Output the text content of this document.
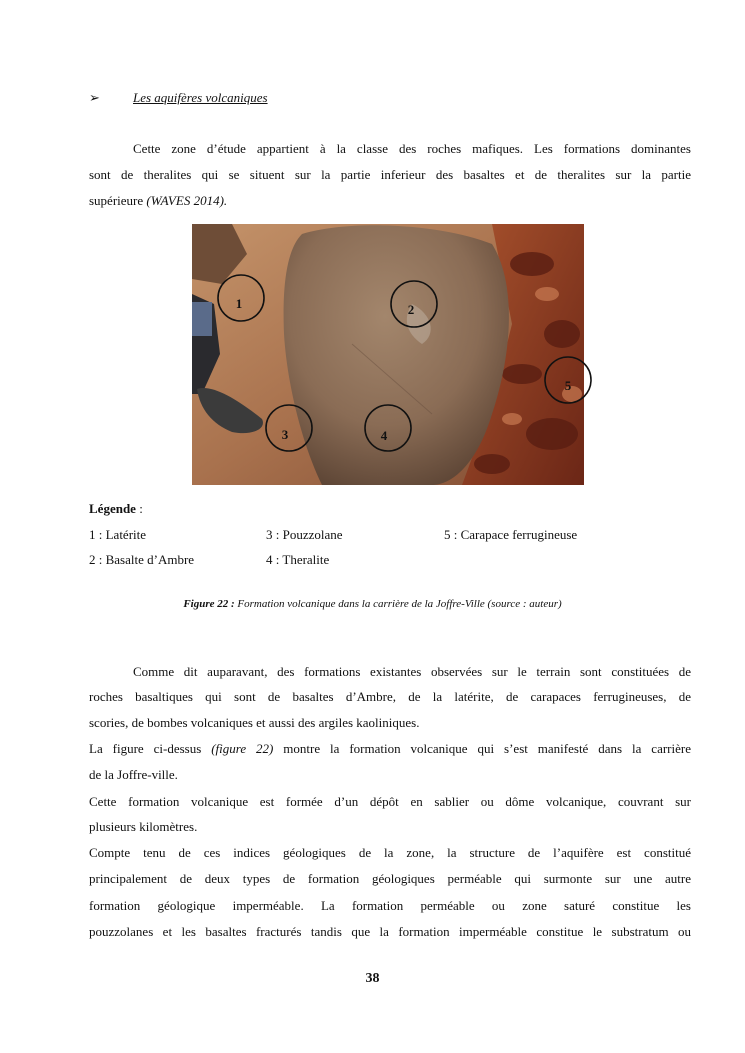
➢	Les aquifères volcaniques
Cette zone d’étude appartient à la classe des roches mafiques. Les formations dominantes
sont de theralites qui se situent sur la partie inferieur des basaltes et de theralites sur la partie
supérieure (WAVES 2014).
1	2
5
3	4
Légende :
1 : Latérite	3 : Pouzzolane	5 : Carapace ferrugineuse
2 : Basalte d’Ambre	4 : Theralite
Figure 22 : Formation volcanique dans la carrière de la Joffre-Ville (source : auteur)
Comme dit auparavant, des formations existantes observées sur le terrain sont constituées de
roches basaltiques qui sont de basaltes d’Ambre, de la latérite, de carapaces ferrugineuses, de
scories, de bombes volcaniques et aussi des argiles kaoliniques.
La figure ci-dessus (figure 22) montre la formation volcanique qui s’est manifesté dans la carrière
de la Joffre-ville.
Cette formation volcanique est formée d’un dépôt en sablier ou dôme volcanique, couvrant sur
plusieurs kilomètres.
Compte tenu de ces indices géologiques de la zone, la structure de l’aquifère est constitué
principalement de deux types de formation géologiques perméable qui surmonte sur une autre
formation géologique imperméable. La formation perméable ou zone saturé constitue les
pouzzolanes et les basaltes fracturés tandis que la formation imperméable constitue le substratum ou
38
